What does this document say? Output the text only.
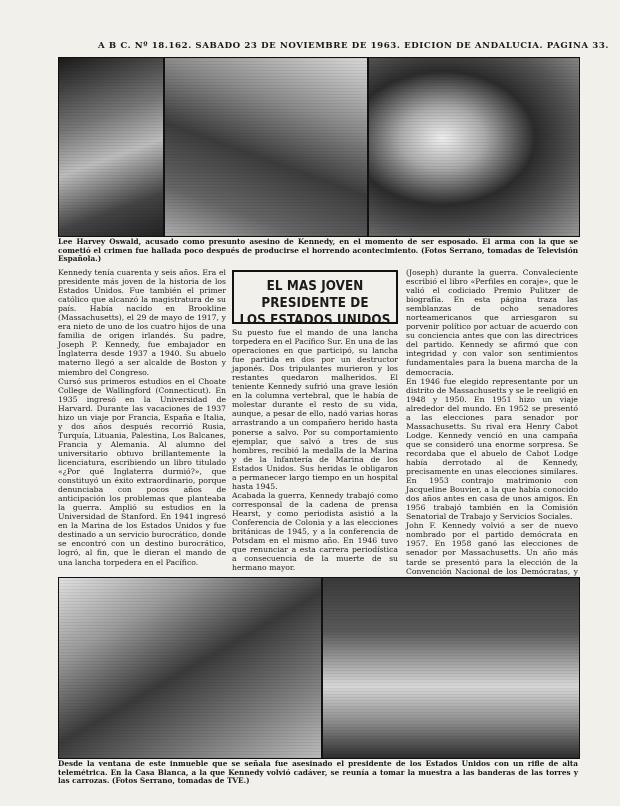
A B C. Nº 18.162. SABADO 23 DE NOVIEMBRE DE 1963. EDICION DE ANDALUCIA. PAGINA 33.
Lee Harvey Oswald, acusado como presunto asesino de Kennedy, en el momento de ser esposado. El arma con la que se cometió el crimen fue hallada poco después de producirse el horrendo acontecimiento. (Fotos Serrano, tomadas de Televisión Española.)
Kennedy tenía cuarenta y seis años. Era el presidente más joven de la historia de los Estados Unidos. Fue también el primer católico que alcanzó la magistratura de su país. Había nacido en Brookline (Massachusetts), el 29 de mayo de 1917, y era nieto de uno de los cuatro hijos de una familia de origen irlandés. Su padre, Joseph P. Kennedy, fue embajador en Inglaterra desde 1937 a 1940. Su abuelo materno llegó a ser alcalde de Boston y miembro del Congreso.
Cursó sus primeros estudios en el Choate College de Wallingford (Connecticut). En 1935 ingresó en la Universidad de Harvard. Durante las vacaciones de 1937 hizo un viaje por Francia, España e Italia, y dos años después recorrió Rusia, Turquía, Lituania, Palestina, Los Balcanes, Francia y Alemania. Al alumno del universitario obtuvo brillantemente la licenciatura, escribiendo un libro titulado «¿Por qué Inglaterra durmió?», que constituyó un éxito extraordinario, porque denunciaba con pocos años de anticipación los problemas que planteaba la guerra. Amplió su estudios en la Universidad de Stanford. En 1941 ingresó en la Marina de los Estados Unidos y fue destinado a un servicio burocrático, donde se encontró con un destino burocrático, logró, al fin, que le dieran el mando de una lancha torpedera en el Pacífico.
EL MAS JOVEN PRESIDENTE DE
LOS ESTADOS UNIDOS
Su puesto fue el mando de una lancha torpedera en el Pacífico Sur. En una de las operaciones en que participó, su lancha fue partida en dos por un destructor japonés. Dos tripulantes murieron y los restantes quedaron malheridos. El teniente Kennedy sufrió una grave lesión en la columna vertebral, que le había de molestar durante el resto de su vida, aunque, a pesar de ello, nadó varias horas arrastrando a un compañero herido hasta ponerse a salvo. Por su comportamiento ejemplar, que salvó a tres de sus hombres, recibió la medalla de la Marina y de la Infantería de Marina de los Estados Unidos. Sus heridas le obligaron a permanecer largo tiempo en un hospital hasta 1945.
Acabada la guerra, Kennedy trabajó como corresponsal de la cadena de prensa Hearst, y como periodista asistió a la Conferencia de Colonia y a las elecciones británicas de 1945, y a la conferencia de Potsdam en el mismo año. En 1946 tuvo que renunciar a esta carrera periodística a consecuencia de la muerte de su hermano mayor.
(Joseph) durante la guerra. Convaleciente escribió el libro «Perfiles en coraje», que le valió el codiciado Premio Pulitzer de biografía. En esta página traza las semblanzas de ocho senadores norteamericanos que arriesgaron su porvenir político por actuar de acuerdo con su conciencia antes que con las directrices del partido. Kennedy se afirmó que con integridad y con valor son sentimientos fundamentales para la buena marcha de la democracia.
En 1946 fue elegido representante por un distrito de Massachusetts y se le reeligió en 1948 y 1950. En 1951 hizo un viaje alrededor del mundo. En 1952 se presentó a las elecciones para senador por Massachusetts. Su rival era Henry Cabot Lodge. Kennedy venció en una campaña que se consideró una enorme sorpresa. Se recordaba que el abuelo de Cabot Lodge había derrotado al de Kennedy, precisamente en unas elecciones similares. En 1953 contrajo matrimonio con Jacqueline Bouvier, a la que había conocido dos años antes en casa de unos amigos. En 1956 trabajó también en la Comisión Senatorial de Trabajo y Servicios Sociales.
John F. Kennedy volvió a ser de nuevo nombrado por el partido demócrata en 1957. En 1958 ganó las elecciones de senador por Massachusetts. Un año más tarde se presentó para la elección de la Convención Nacional de los Demócratas, y
Desde la ventana de este inmueble que se señala fue asesinado el presidente de los Estados Unidos con un rifle de alta telemétrica. En la Casa Blanca, a la que Kennedy volvió cadáver, se reunía a tomar la muestra a las banderas de las torres y las carrozas. (Fotos Serrano, tomadas de TVE.)
